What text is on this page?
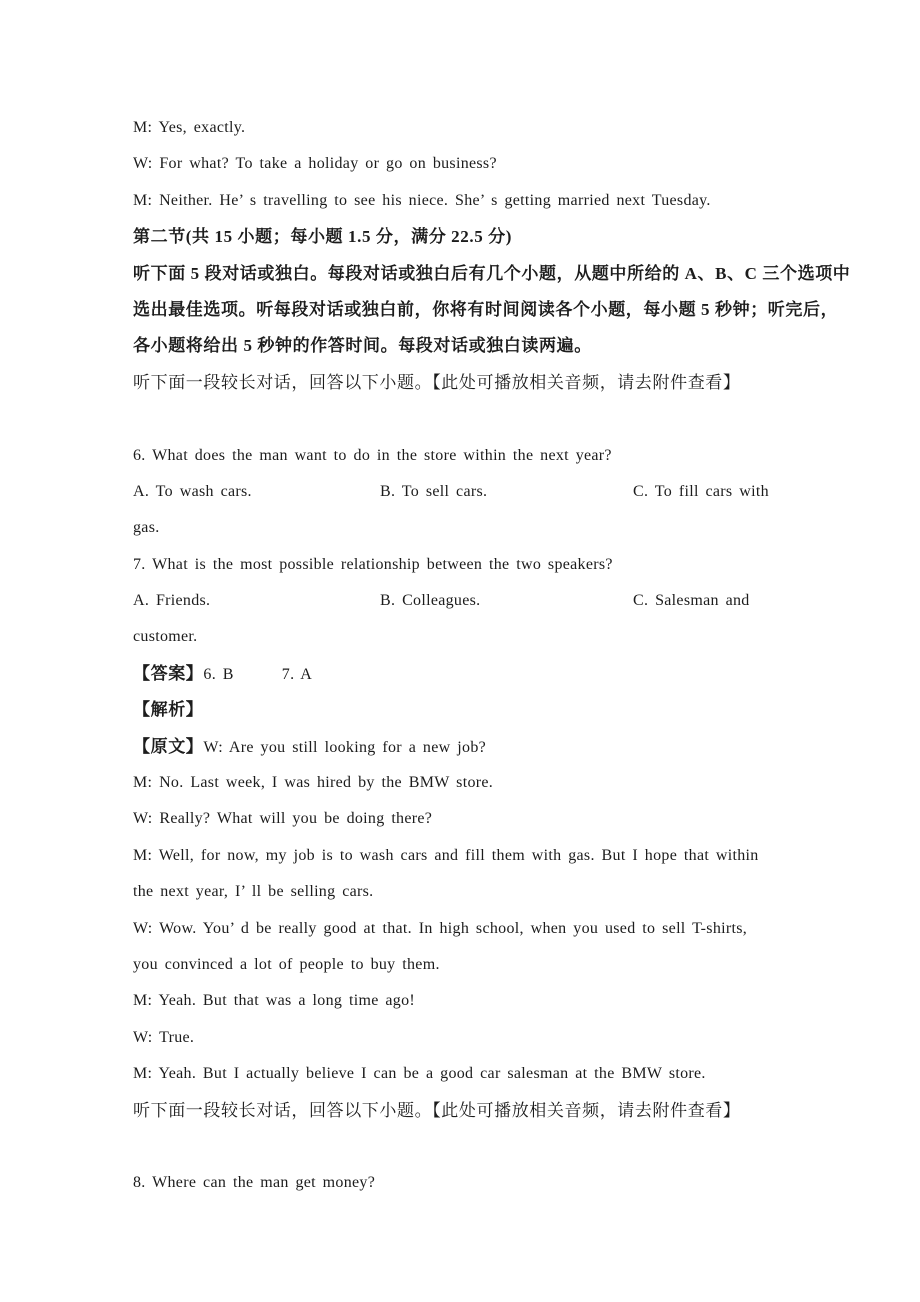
M: Yes, exactly.
W: For what? To take a holiday or go on business?
M: Neither. He’ s travelling to see his niece. She’ s getting married next Tuesday.
第二节(共 15 小题；每小题 1.5 分，满分 22.5 分)
听下面 5 段对话或独白。每段对话或独白后有几个小题，从题中所给的 A、B、C 三个选项中
选出最佳选项。听每段对话或独白前，你将有时间阅读各个小题，每小题 5 秒钟；听完后，
各小题将给出 5 秒钟的作答时间。每段对话或独白读两遍。
听下面一段较长对话，回答以下小题。【此处可播放相关音频，请去附件查看】
6. What does the man want to do in the store within the next year?
A. To wash cars.	B. To sell cars.	C. To fill cars with
gas.
7. What is the most possible relationship between the two speakers?
A. Friends.	B. Colleagues.	C. Salesman and
customer.
【答案】6. B	7. A
【解析】
【原文】W: Are you still looking for a new job?
M: No. Last week, I was hired by the BMW store.
W: Really? What will you be doing there?
M: Well, for now, my job is to wash cars and fill them with gas. But I hope that within
the next year, I’ ll be selling cars.
W: Wow. You’ d be really good at that. In high school, when you used to sell T-shirts,
you convinced a lot of people to buy them.
M: Yeah. But that was a long time ago!
W: True.
M: Yeah. But I actually believe I can be a good car salesman at the BMW store.
听下面一段较长对话，回答以下小题。【此处可播放相关音频，请去附件查看】
8. Where can the man get money?
